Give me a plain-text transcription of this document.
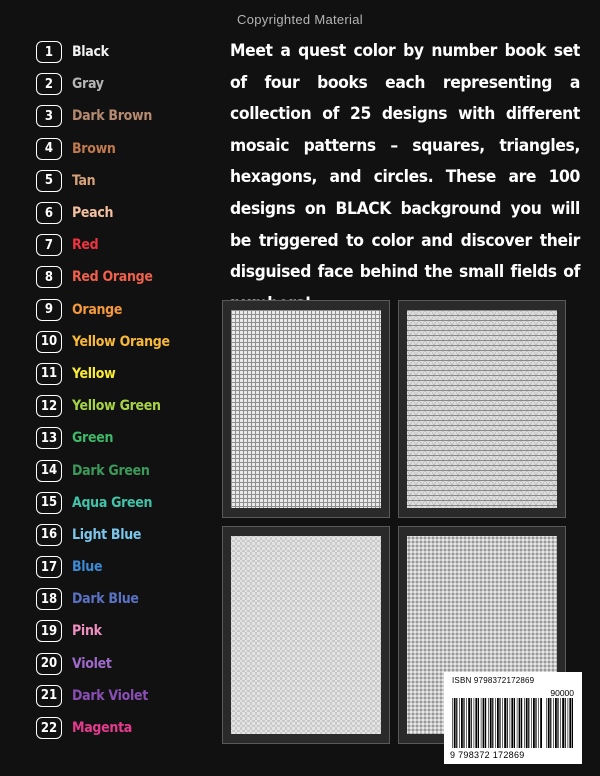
Copyrighted Material
1	Black
2	Gray
3	Dark Brown
4	Brown
5	Tan
6	Peach
7	Red
8	Red Orange
9	Orange
10	Yellow Orange
11	Yellow
12	Yellow Green
13	Green
14	Dark Green
15	Aqua Green
16	Light Blue
17	Blue
18	Dark Blue
19	Pink
20	Violet
21	Dark Violet
22	Magenta

Meet a quest color by number book set of four books each representing a collection of 25 designs with different mosaic patterns – squares, triangles, hexagons, and circles. These are 100 designs on BLACK background you will be triggered to color and discover their disguised face behind the small fields of

ISBN 9798372172869
90000
9 798372 172869
